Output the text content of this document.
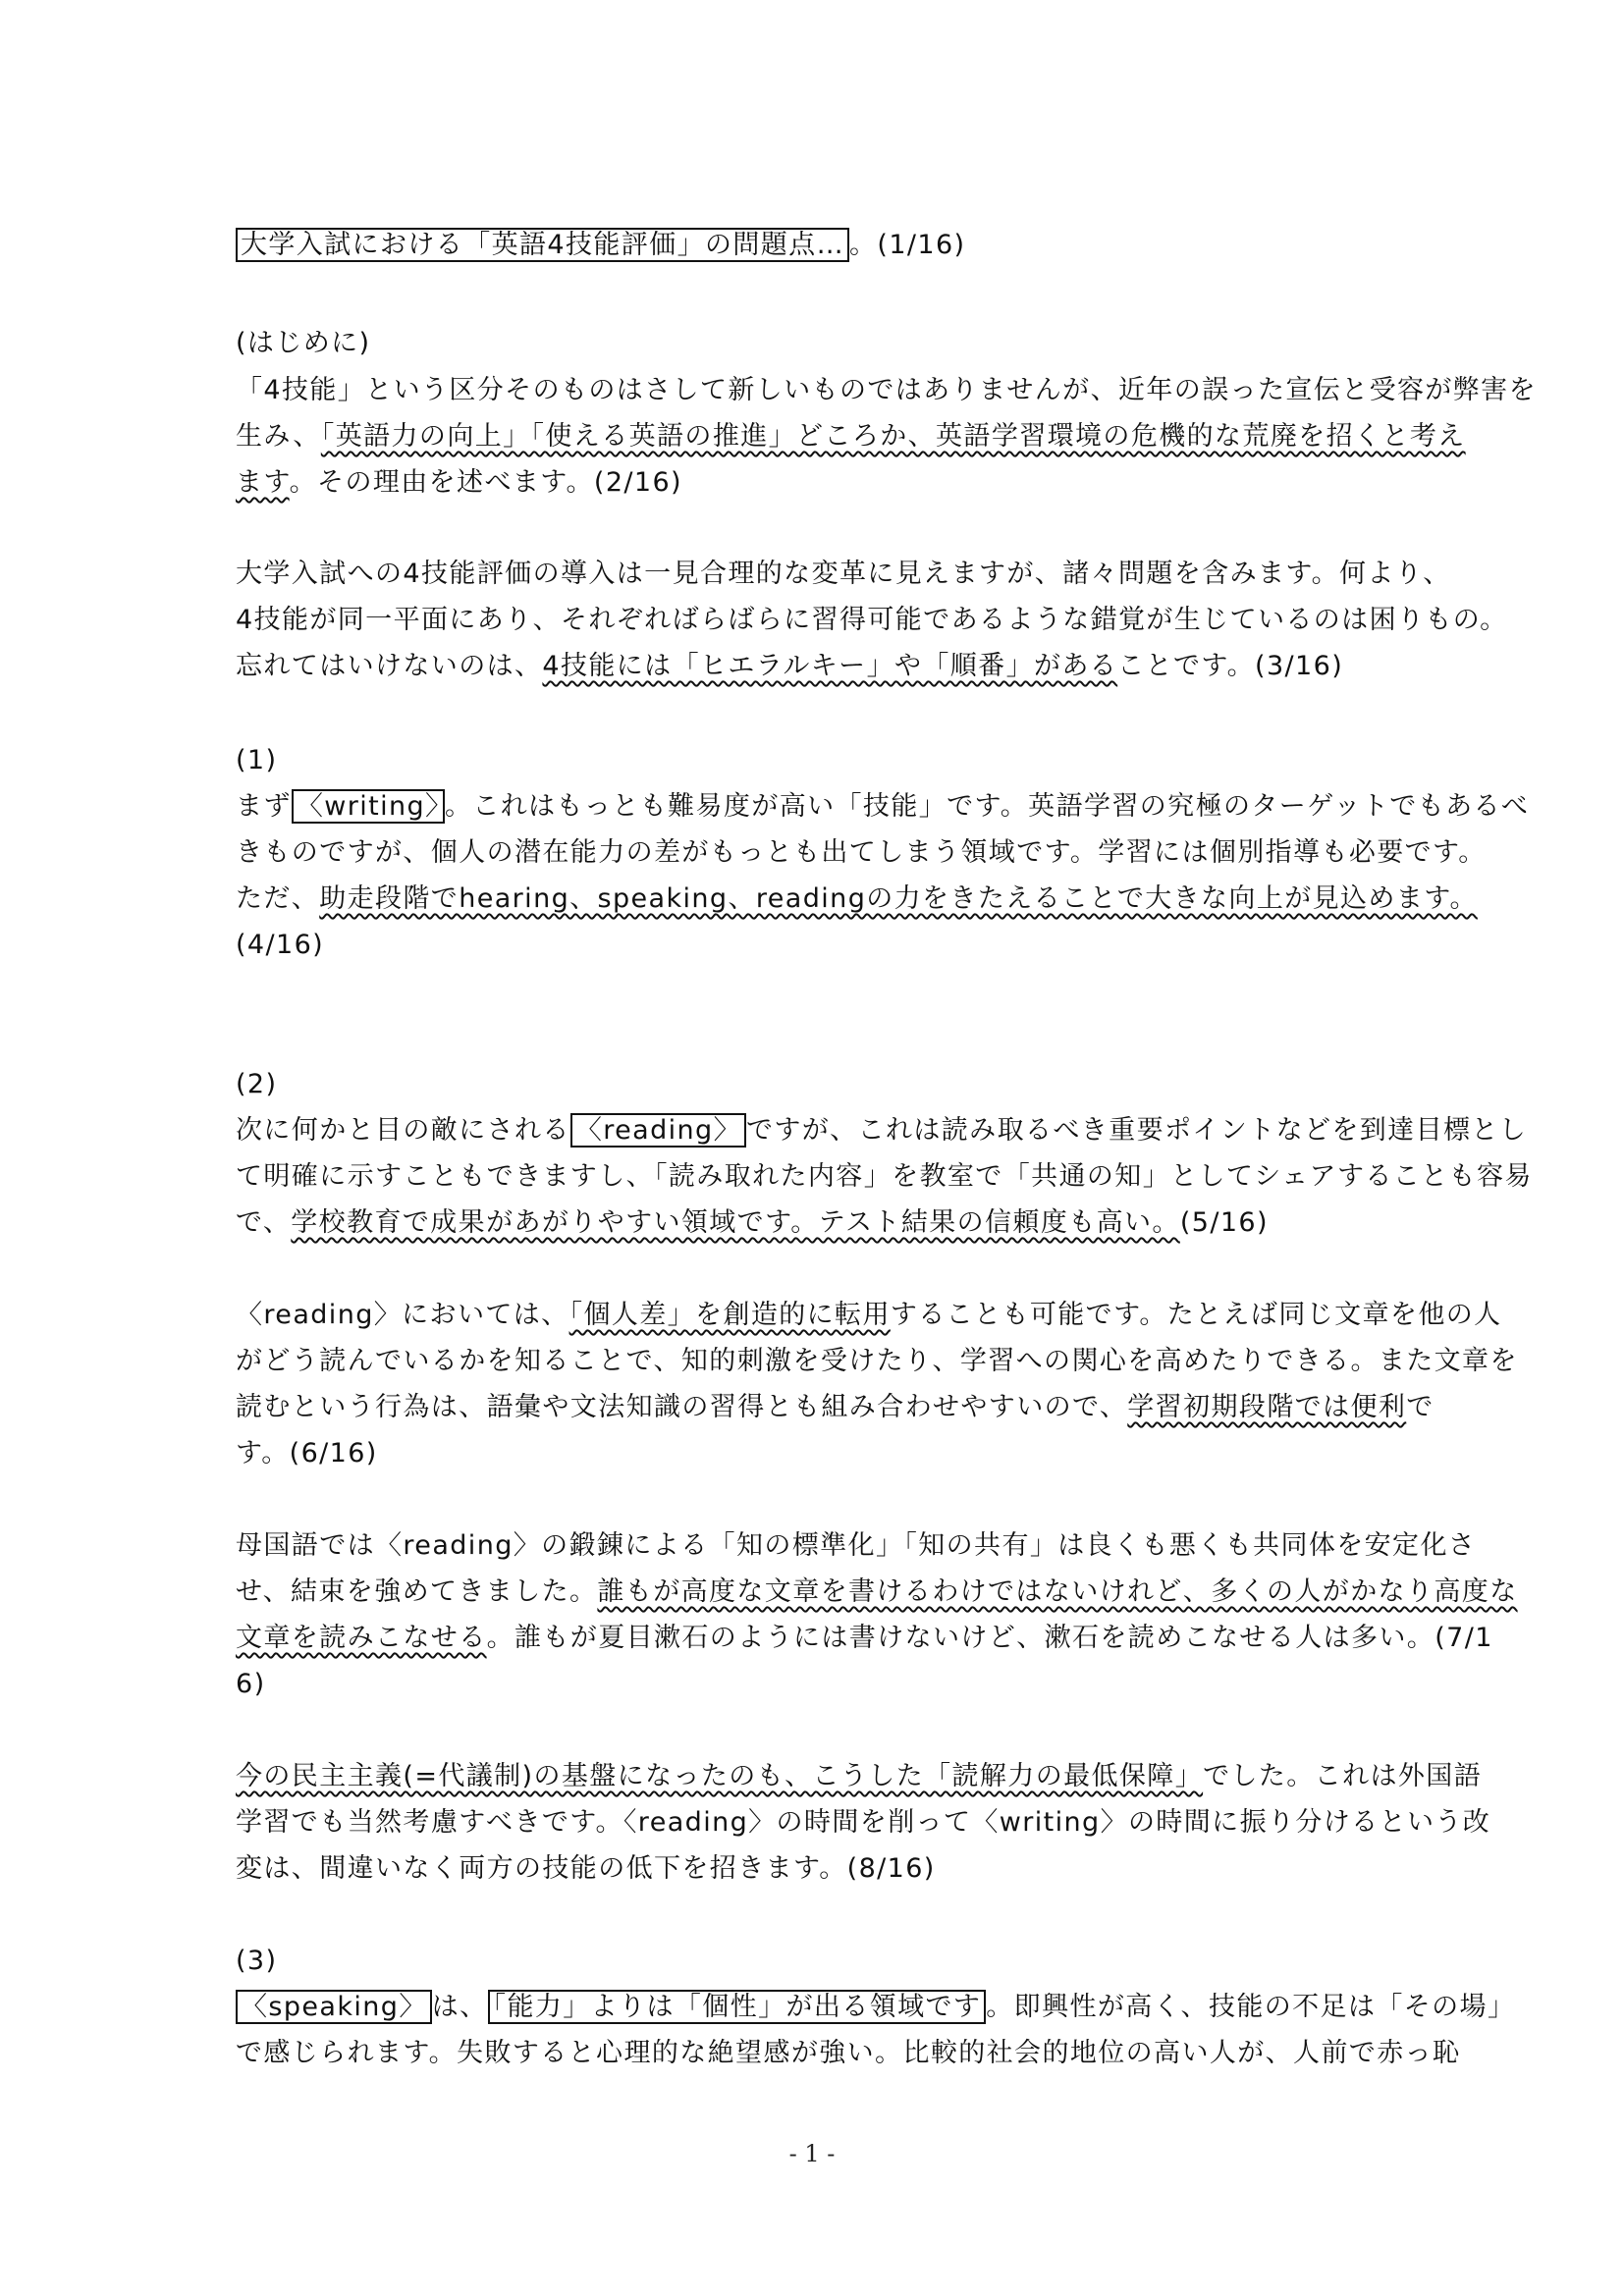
大学入試における「英語4技能評価」の問題点… 。(1/16)
(はじめに)
「4技能」という区分そのものはさして新しいものではありませんが、近年の誤った宣伝と受容が弊害を
生み、「英語力の向上」「使える英語の推進」どころか、英語学習環境の危機的な荒廃を招くと考え
ます。その理由を述べます。(2/16)
大学入試への4技能評価の導入は一見合理的な変革に見えますが、諸々問題を含みます。何より、
4技能が同一平面にあり、それぞればらばらに習得可能であるような錯覚が生じているのは困りもの。
忘れてはいけないのは、4技能には「ヒエラルキー」や「順番」があることです。(3/16)
(1)
まず 〈writing〉 。これはもっとも難易度が高い「技能」です。英語学習の究極のターゲットでもあるべ
きものですが、個人の潜在能力の差がもっとも出てしまう領域です。学習には個別指導も必要です。
ただ、助走段階でhearing、speaking、readingの力をきたえることで大きな向上が見込めます。
(4/16)
(2)
次に何かと目の敵にされる 〈reading〉 ですが、これは読み取るべき重要ポイントなどを到達目標とし
て明確に示すこともできますし、「読み取れた内容」を教室で「共通の知」としてシェアすることも容易
で、学校教育で成果があがりやすい領域です。テスト結果の信頼度も高い。(5/16)
〈reading〉においては、「個人差」を創造的に転用することも可能です。たとえば同じ文章を他の人
がどう読んでいるかを知ることで、知的刺激を受けたり、学習への関心を高めたりできる。また文章を
読むという行為は、語彙や文法知識の習得とも組み合わせやすいので、学習初期段階では便利で
す。(6/16)
母国語では〈reading〉の鍛錬による「知の標準化」「知の共有」は良くも悪くも共同体を安定化さ
せ、結束を強めてきました。誰もが高度な文章を書けるわけではないけれど、多くの人がかなり高度な
文章を読みこなせる。誰もが夏目漱石のようには書けないけど、漱石を読めこなせる人は多い。(7/1
6)
今の民主主義(=代議制)の基盤になったのも、こうした「読解力の最低保障」でした。これは外国語
学習でも当然考慮すべきです。〈reading〉の時間を削って〈writing〉の時間に振り分けるという改
変は、間違いなく両方の技能の低下を招きます。(8/16)
(3)
〈speaking〉 は、 「能力」よりは「個性」が出る領域です 。即興性が高く、技能の不足は「その場」
で感じられます。失敗すると心理的な絶望感が強い。比較的社会的地位の高い人が、人前で赤っ恥
- 1 -
